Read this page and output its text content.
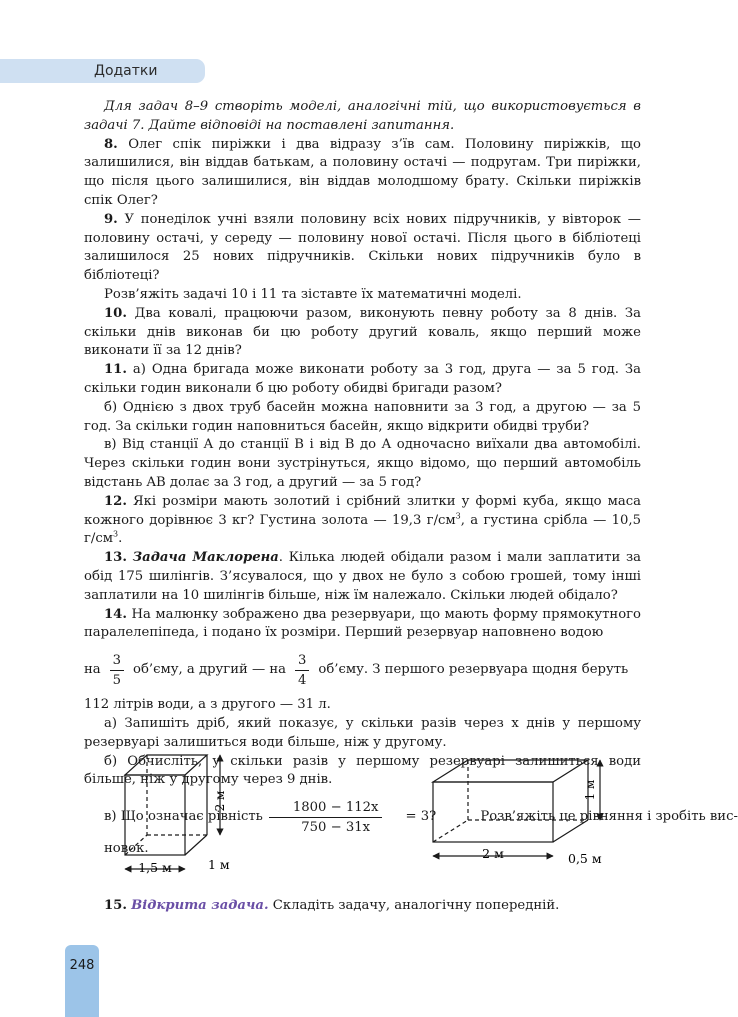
Додатки

Для задач 8–9 створіть моделі, аналогічні тій, що використовується в задачі 7. Дайте відповіді на поставлені запитання.

8. Олег спік пиріжки і два відразу з’їв сам. Половину пиріжків, що залишилися, він віддав батькам, а половину остачі — подругам. Три пиріжки, що після цього залишилися, він віддав молодшому брату. Скільки пиріжків спік Олег?

9. У понеділок учні взяли половину всіх нових підручників, у вівторок — половину остачі, у середу — половину нової остачі. Після цього в бібліотеці залишилося 25 нових підручників. Скільки нових підручників було в бібліотеці?

Розв’яжіть задачі 10 і 11 та зіставте їх математичні моделі.

10. Два ковалі, працюючи разом, виконують певну роботу за 8 днів. За скільки днів виконав би цю роботу другий коваль, якщо перший може виконати її за 12 днів?

11. а) Одна бригада може виконати роботу за 3 год, друга — за 5 год. За скільки годин виконали б цю роботу обидві бригади разом?

б) Однією з двох труб басейн можна наповнити за 3 год, а другою — за 5 год. За скільки годин наповниться басейн, якщо відкрити обидві труби?

в) Від станції A до станції B і від B до A одночасно виїхали два автомобілі. Через скільки годин вони зустрінуться, якщо відомо, що перший автомобіль відстань AB долає за 3 год, а другий — за 5 год?

12. Які розміри мають золотий і срібний злитки у формі куба, якщо маса кожного дорівнює 3 кг? Густина золота — 19,3 $г/см^3$, а густина срібла — 10,5 $г/см^3$.

13. Задача Маклорена. Кілька людей обідали разом і мали заплатити за обід 175 шилінгів. З’ясувалося, що у двох не було з собою грошей, тому інші заплатили на 10 шилінгів більше, ніж їм належало. Скільки людей обідало?

14. На малюнку зображено два резервуари, що мають форму прямокутного паралелепіпеда, і подано їх розміри. Перший резервуар наповнено водою

на $\frac{3}{5}$ об’єму, а другий — на $\frac{3}{4}$ об’єму. З першого резервуара щодня беруть

112 літрів води, а з другого — 31 л.

а) Запишіть дріб, який показує, у скільки разів через x днів у першому резервуарі залишиться води більше, ніж у другому.

б) Обчисліть, у скільки разів у першому резервуарі залишиться води більше, ніж у другому через 9 днів.

в) Що означає рівність $\frac{1800 - 112x}{750 - 31x}$	= 3?
	Розв’яжіть це рівняння і зробіть вис-

новок.

2 м
1,5 м	1 м
1 м
2 м	0,5 м
15. Відкрита задача. Складіть задачу, аналогічну попередній.
248
